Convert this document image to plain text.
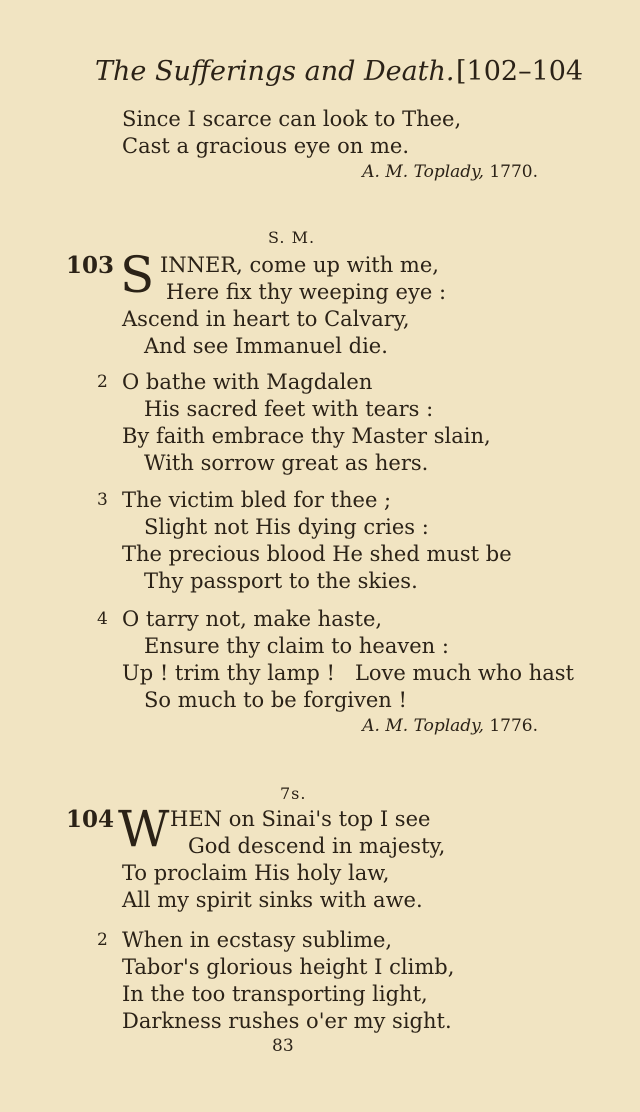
The Sufferings and Death. [102–104
Since I scarce can look to Thee,
Cast a gracious eye on me.
A. M. Toplady, 1770.
S. M.
103 S INNER, come up with me,
Here fix thy weeping eye :
Ascend in heart to Calvary,
And see Immanuel die.
2 O bathe with Magdalen
His sacred feet with tears :
By faith embrace thy Master slain,
With sorrow great as hers.
3 The victim bled for thee ;
Slight not His dying cries :
The precious blood He shed must be
Thy passport to the skies.
4 O tarry not, make haste,
Ensure thy claim to heaven :
Up ! trim thy lamp !   Love much who hast
So much to be forgiven !
A. M. Toplady, 1776.
7s.
104 W HEN on Sinai's top I see
God descend in majesty,
To proclaim His holy law,
All my spirit sinks with awe.
2 When in ecstasy sublime,
Tabor's glorious height I climb,
In the too transporting light,
Darkness rushes o'er my sight.
83
